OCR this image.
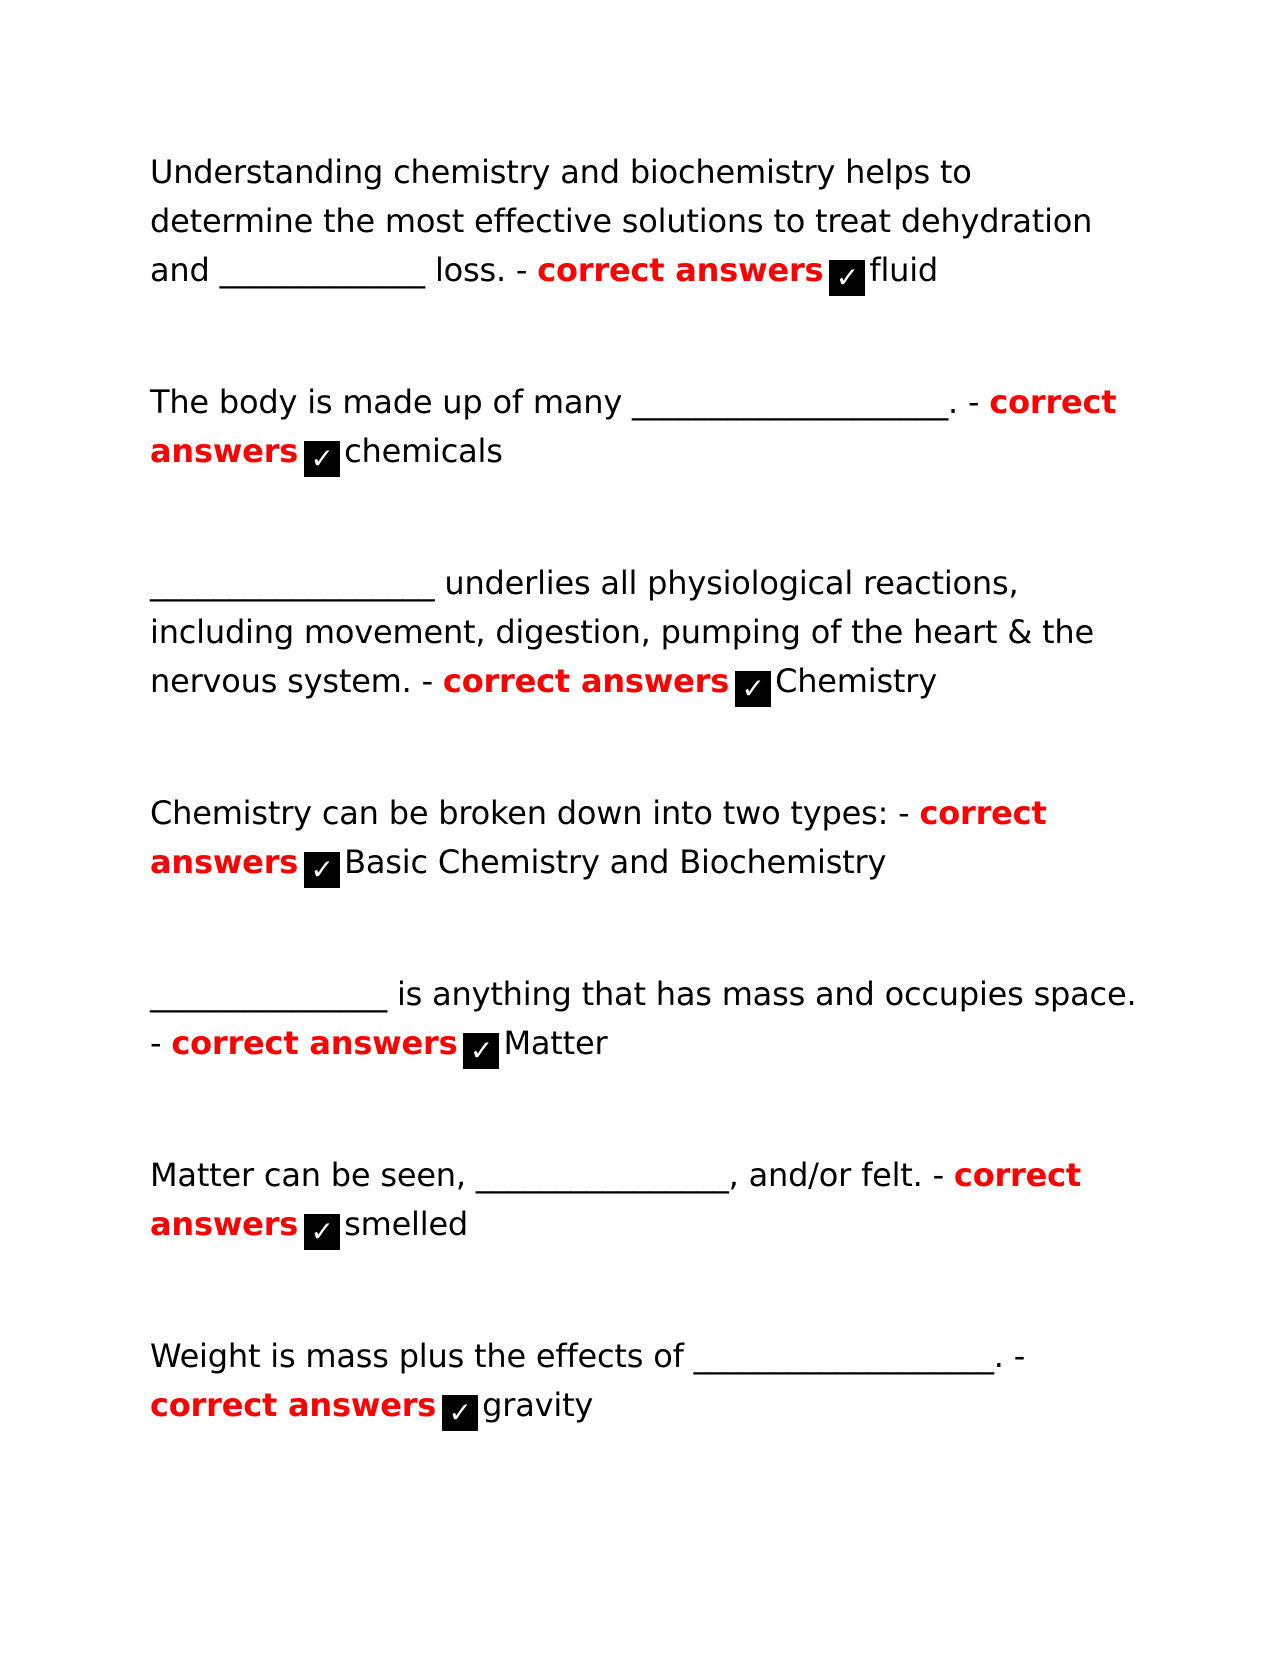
Understanding chemistry and biochemistry helps to determine the most effective solutions to treat dehydration and _____________ loss. - correct answers ✓ fluid

The body is made up of many ____________________. - correct answers ✓ chemicals

__________________ underlies all physiological reactions, including movement, digestion, pumping of the heart & the nervous system. - correct answers ✓ Chemistry

Chemistry can be broken down into two types: - correct answers ✓ Basic Chemistry and Biochemistry

_______________ is anything that has mass and occupies space. - correct answers ✓ Matter

Matter can be seen, ________________, and/or felt. - correct answers ✓ smelled

Weight is mass plus the effects of ___________________. - correct answers ✓ gravity
